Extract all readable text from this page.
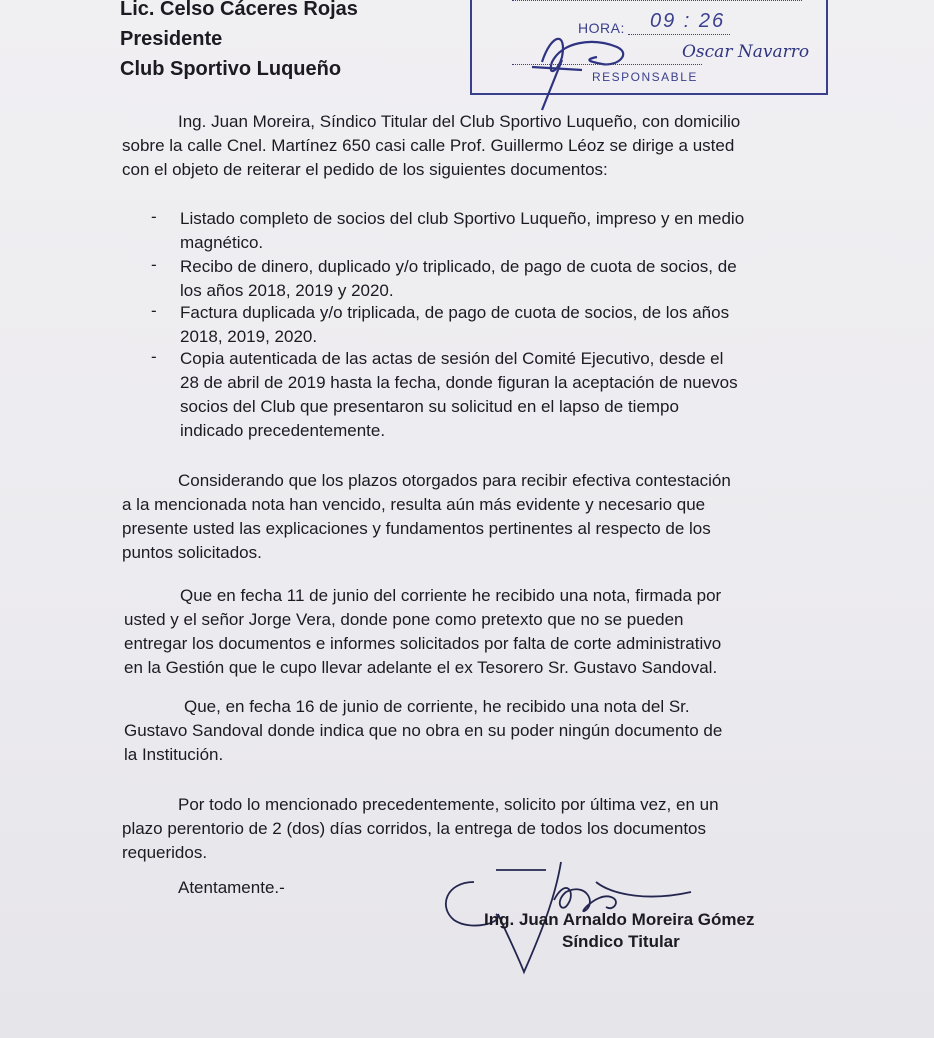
Lic. Celso Cáceres Rojas
Presidente
Club Sportivo Luqueño
HORA: 09 : 26
Oscar Navarro
RESPONSABLE
Ing. Juan Moreira, Síndico Titular del Club Sportivo Luqueño, con domicilio
sobre la calle Cnel. Martínez 650 casi calle Prof. Guillermo Léoz se dirige a usted
con el objeto de reiterar el pedido de los siguientes documentos:
- Listado completo de socios del club Sportivo Luqueño, impreso y en medio
magnético.
- Recibo de dinero, duplicado y/o triplicado, de pago de cuota de socios, de
los años 2018, 2019 y 2020.
- Factura duplicada y/o triplicada, de pago de cuota de socios, de los años
2018, 2019, 2020.
- Copia autenticada de las actas de sesión del Comité Ejecutivo, desde el
28 de abril de 2019 hasta la fecha, donde figuran la aceptación de nuevos
socios del Club que presentaron su solicitud en el lapso de tiempo
indicado precedentemente.
Considerando que los plazos otorgados para recibir efectiva contestación
a la mencionada nota han vencido, resulta aún más evidente y necesario que
presente usted las explicaciones y fundamentos pertinentes al respecto de los
puntos solicitados.
Que en fecha 11 de junio del corriente he recibido una nota, firmada por
usted y el señor Jorge Vera, donde pone como pretexto que no se pueden
entregar los documentos e informes solicitados por falta de corte administrativo
en la Gestión que le cupo llevar adelante el ex Tesorero Sr. Gustavo Sandoval.
Que, en fecha 16 de junio de corriente, he recibido una nota del Sr.
Gustavo Sandoval donde indica que no obra en su poder ningún documento de
la Institución.
Por todo lo mencionado precedentemente, solicito por última vez, en un
plazo perentorio de 2 (dos) días corridos, la entrega de todos los documentos
requeridos.
Atentamente.-
Ing. Juan Arnaldo Moreira Gómez
Síndico Titular
